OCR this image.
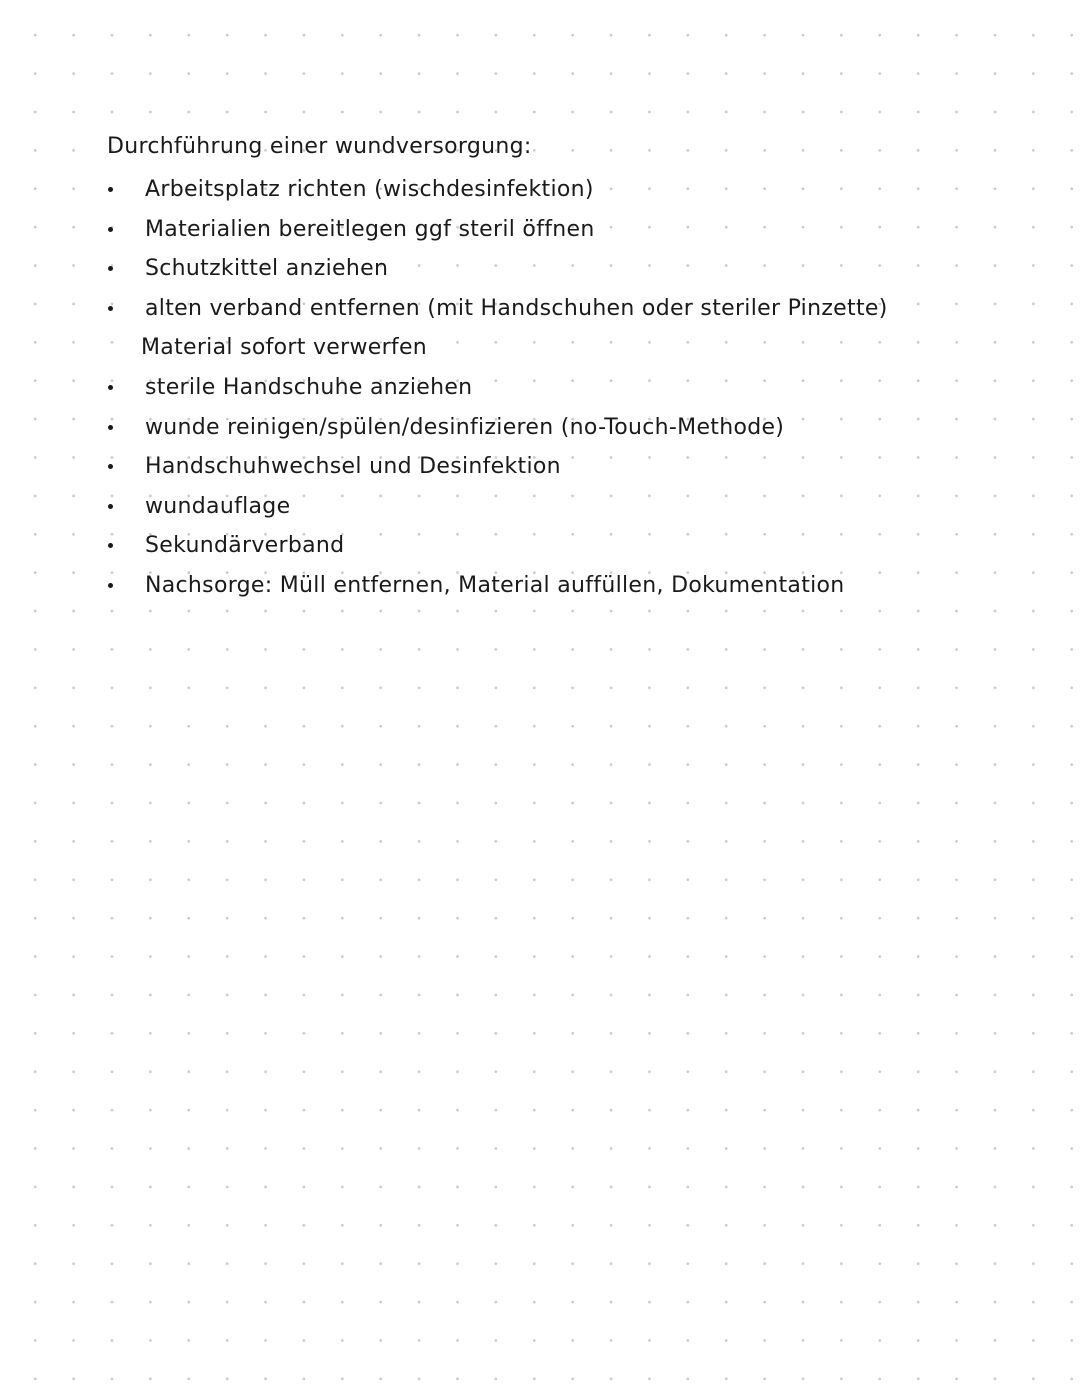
Durchführung einer wundversorgung:
Arbeitsplatz richten (wischdesinfektion)
Materialien bereitlegen ggf steril öffnen
Schutzkittel anziehen
alten verband entfernen (mit Handschuhen oder steriler Pinzette)
Material sofort verwerfen
sterile Handschuhe anziehen
wunde reinigen/spülen/desinfizieren (no-Touch-Methode)
Handschuhwechsel und Desinfektion
wundauflage
Sekundärverband
Nachsorge: Müll entfernen, Material auffüllen, Dokumentation
